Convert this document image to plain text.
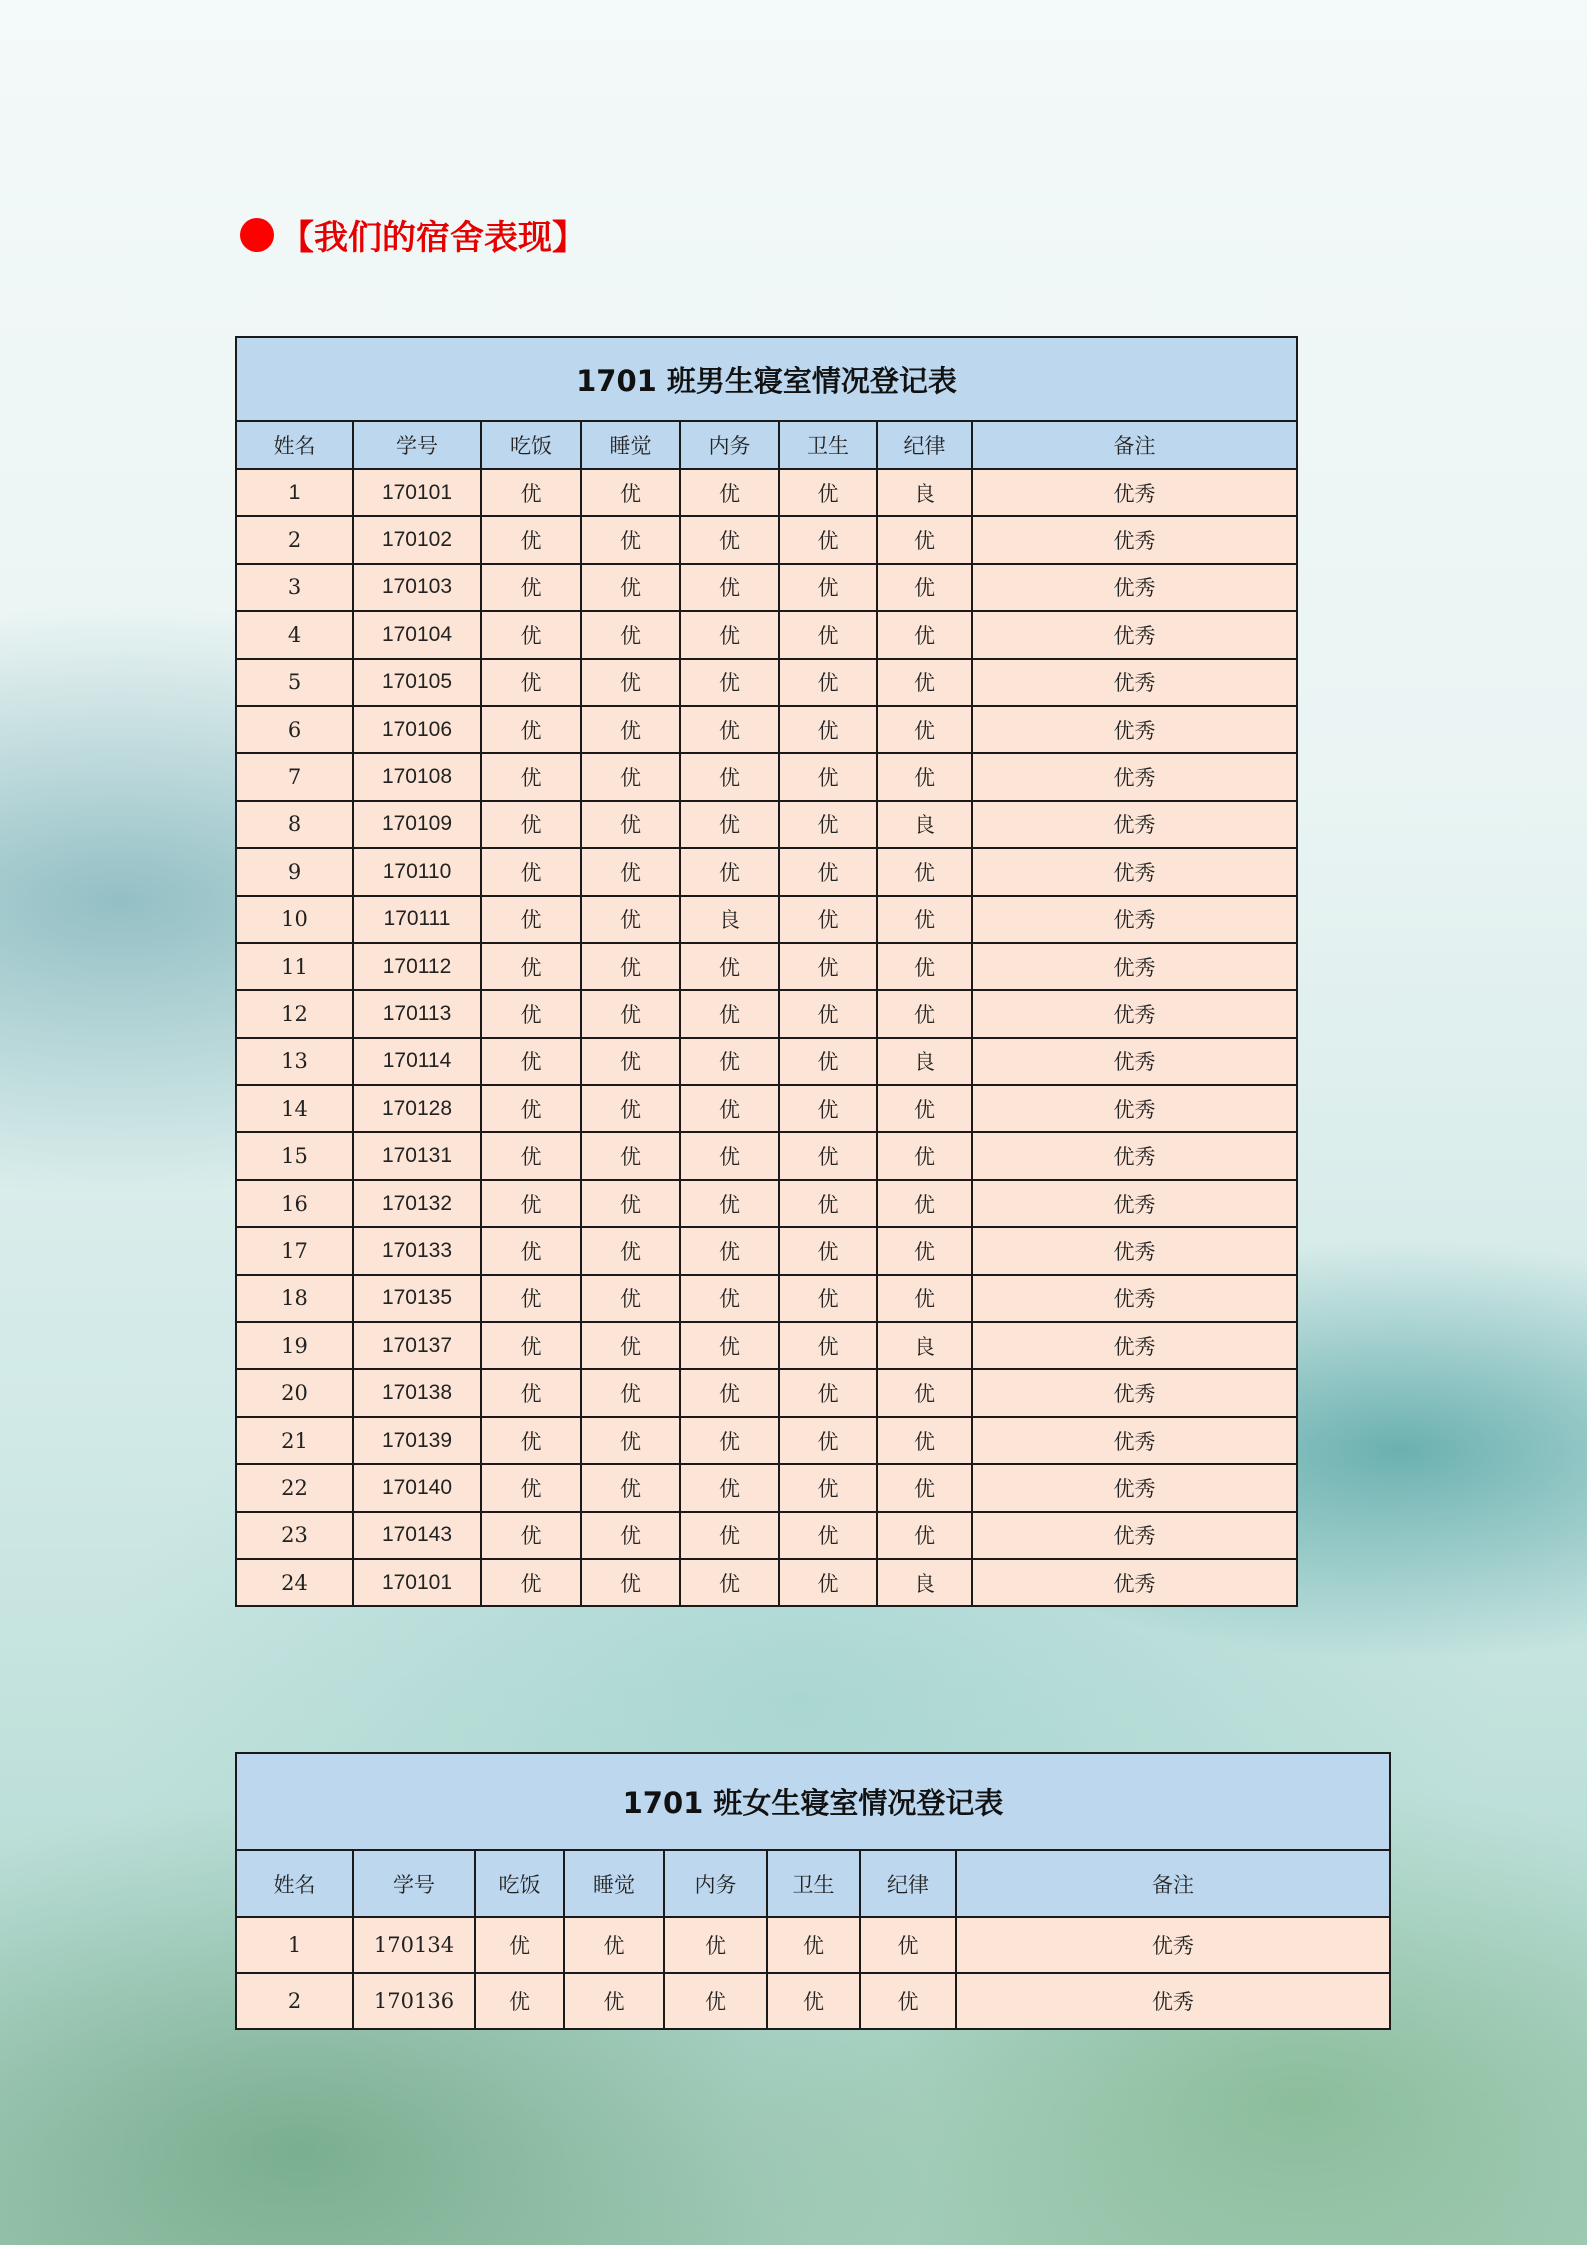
【我们的宿舍表现】
1701 班男生寝室情况登记表							
姓名	学号	吃饭	睡觉	内务	卫生	纪律	备注
1	170101	优	优	优	优	良	优秀
2	170102	优	优	优	优	优	优秀
3	170103	优	优	优	优	优	优秀
4	170104	优	优	优	优	优	优秀
5	170105	优	优	优	优	优	优秀
6	170106	优	优	优	优	优	优秀
7	170108	优	优	优	优	优	优秀
8	170109	优	优	优	优	良	优秀
9	170110	优	优	优	优	优	优秀
10	170111	优	优	良	优	优	优秀
11	170112	优	优	优	优	优	优秀
12	170113	优	优	优	优	优	优秀
13	170114	优	优	优	优	良	优秀
14	170128	优	优	优	优	优	优秀
15	170131	优	优	优	优	优	优秀
16	170132	优	优	优	优	优	优秀
17	170133	优	优	优	优	优	优秀
18	170135	优	优	优	优	优	优秀
19	170137	优	优	优	优	良	优秀
20	170138	优	优	优	优	优	优秀
21	170139	优	优	优	优	优	优秀
22	170140	优	优	优	优	优	优秀
23	170143	优	优	优	优	优	优秀
24	170101	优	优	优	优	良	优秀
1701 班女生寝室情况登记表							
姓名	学号	吃饭	睡觉	内务	卫生	纪律	备注
1	170134	优	优	优	优	优	优秀
2	170136	优	优	优	优	优	优秀
